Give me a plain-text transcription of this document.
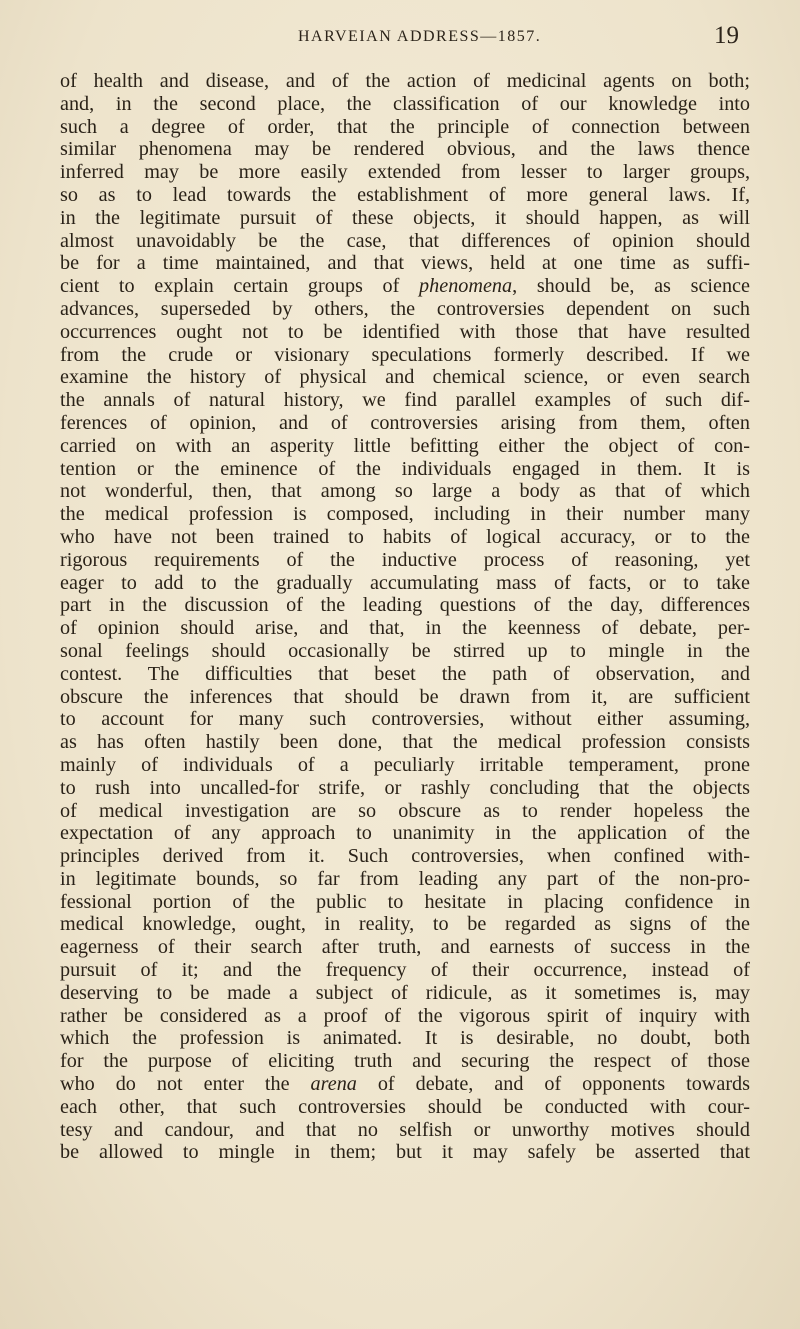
HARVEIAN ADDRESS—1857.	19
of health and disease, and of the action of medicinal agents on both;
and, in the second place, the classification of our knowledge into
such a degree of order, that the principle of connection between
similar phenomena may be rendered obvious, and the laws thence
inferred may be more easily extended from lesser to larger groups,
so as to lead towards the establishment of more general laws. If,
in the legitimate pursuit of these objects, it should happen, as will
almost unavoidably be the case, that differences of opinion should
be for a time maintained, and that views, held at one time as suffi-
cient to explain certain groups of phenomena, should be, as science
advances, superseded by others, the controversies dependent on such
occurrences ought not to be identified with those that have resulted
from the crude or visionary speculations formerly described. If we
examine the history of physical and chemical science, or even search
the annals of natural history, we find parallel examples of such dif-
ferences of opinion, and of controversies arising from them, often
carried on with an asperity little befitting either the object of con-
tention or the eminence of the individuals engaged in them. It is
not wonderful, then, that among so large a body as that of which
the medical profession is composed, including in their number many
who have not been trained to habits of logical accuracy, or to the
rigorous requirements of the inductive process of reasoning, yet
eager to add to the gradually accumulating mass of facts, or to take
part in the discussion of the leading questions of the day, differences
of opinion should arise, and that, in the keenness of debate, per-
sonal feelings should occasionally be stirred up to mingle in the
contest. The difficulties that beset the path of observation, and
obscure the inferences that should be drawn from it, are sufficient
to account for many such controversies, without either assuming,
as has often hastily been done, that the medical profession consists
mainly of individuals of a peculiarly irritable temperament, prone
to rush into uncalled-for strife, or rashly concluding that the objects
of medical investigation are so obscure as to render hopeless the
expectation of any approach to unanimity in the application of the
principles derived from it. Such controversies, when confined with-
in legitimate bounds, so far from leading any part of the non-pro-
fessional portion of the public to hesitate in placing confidence in
medical knowledge, ought, in reality, to be regarded as signs of the
eagerness of their search after truth, and earnests of success in the
pursuit of it; and the frequency of their occurrence, instead of
deserving to be made a subject of ridicule, as it sometimes is, may
rather be considered as a proof of the vigorous spirit of inquiry with
which the profession is animated. It is desirable, no doubt, both
for the purpose of eliciting truth and securing the respect of those
who do not enter the arena of debate, and of opponents towards
each other, that such controversies should be conducted with cour-
tesy and candour, and that no selfish or unworthy motives should
be allowed to mingle in them; but it may safely be asserted that
